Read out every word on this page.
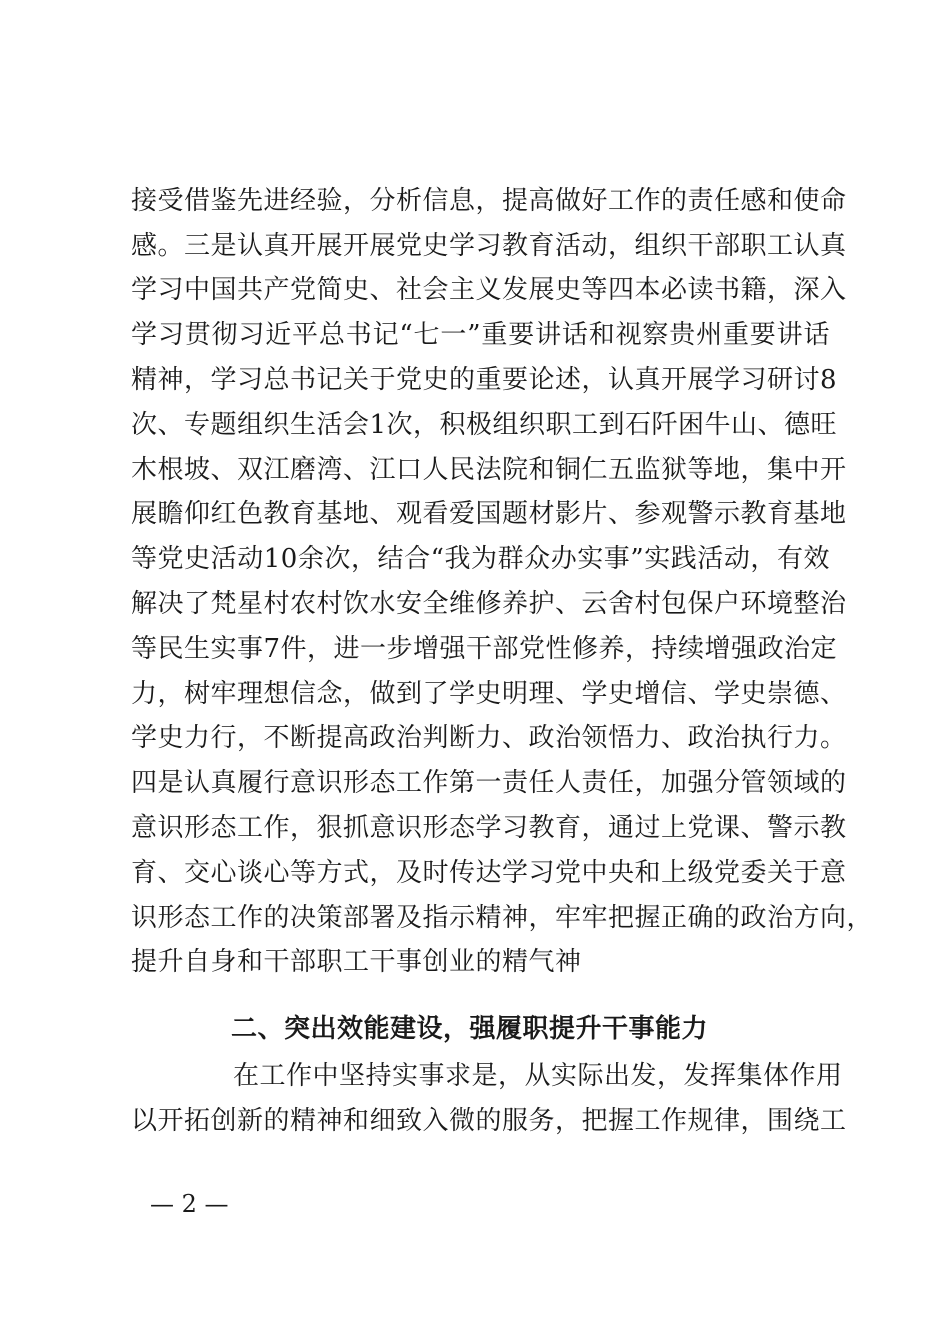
接受借鉴先进经验，分析信息，提高做好工作的责任感和使命
感。三是认真开展开展党史学习教育活动，组织干部职工认真
学习中国共产党简史、社会主义发展史等四本必读书籍，深入
学习贯彻习近平总书记“七一”重要讲话和视察贵州重要讲话
精神，学习总书记关于党史的重要论述，认真开展学习研讨8
次、专题组织生活会1次，积极组织职工到石阡困牛山、德旺
木根坡、双江磨湾、江口人民法院和铜仁五监狱等地，集中开
展瞻仰红色教育基地、观看爱国题材影片、参观警示教育基地
等党史活动10余次，结合“我为群众办实事”实践活动，有效
解决了梵星村农村饮水安全维修养护、云舍村包保户环境整治
等民生实事7件，进一步增强干部党性修养，持续增强政治定
力，树牢理想信念，做到了学史明理、学史增信、学史崇德、
学史力行，不断提高政治判断力、政治领悟力、政治执行力。
四是认真履行意识形态工作第一责任人责任，加强分管领域的
意识形态工作，狠抓意识形态学习教育，通过上党课、警示教
育、交心谈心等方式，及时传达学习党中央和上级党委关于意
识形态工作的决策部署及指示精神，牢牢把握正确的政治方向，
提升自身和干部职工干事创业的精气神
二、突出效能建设，强履职提升干事能力
在工作中坚持实事求是，从实际出发，发挥集体作用
以开拓创新的精神和细致入微的服务，把握工作规律，围绕工
— 2 —
